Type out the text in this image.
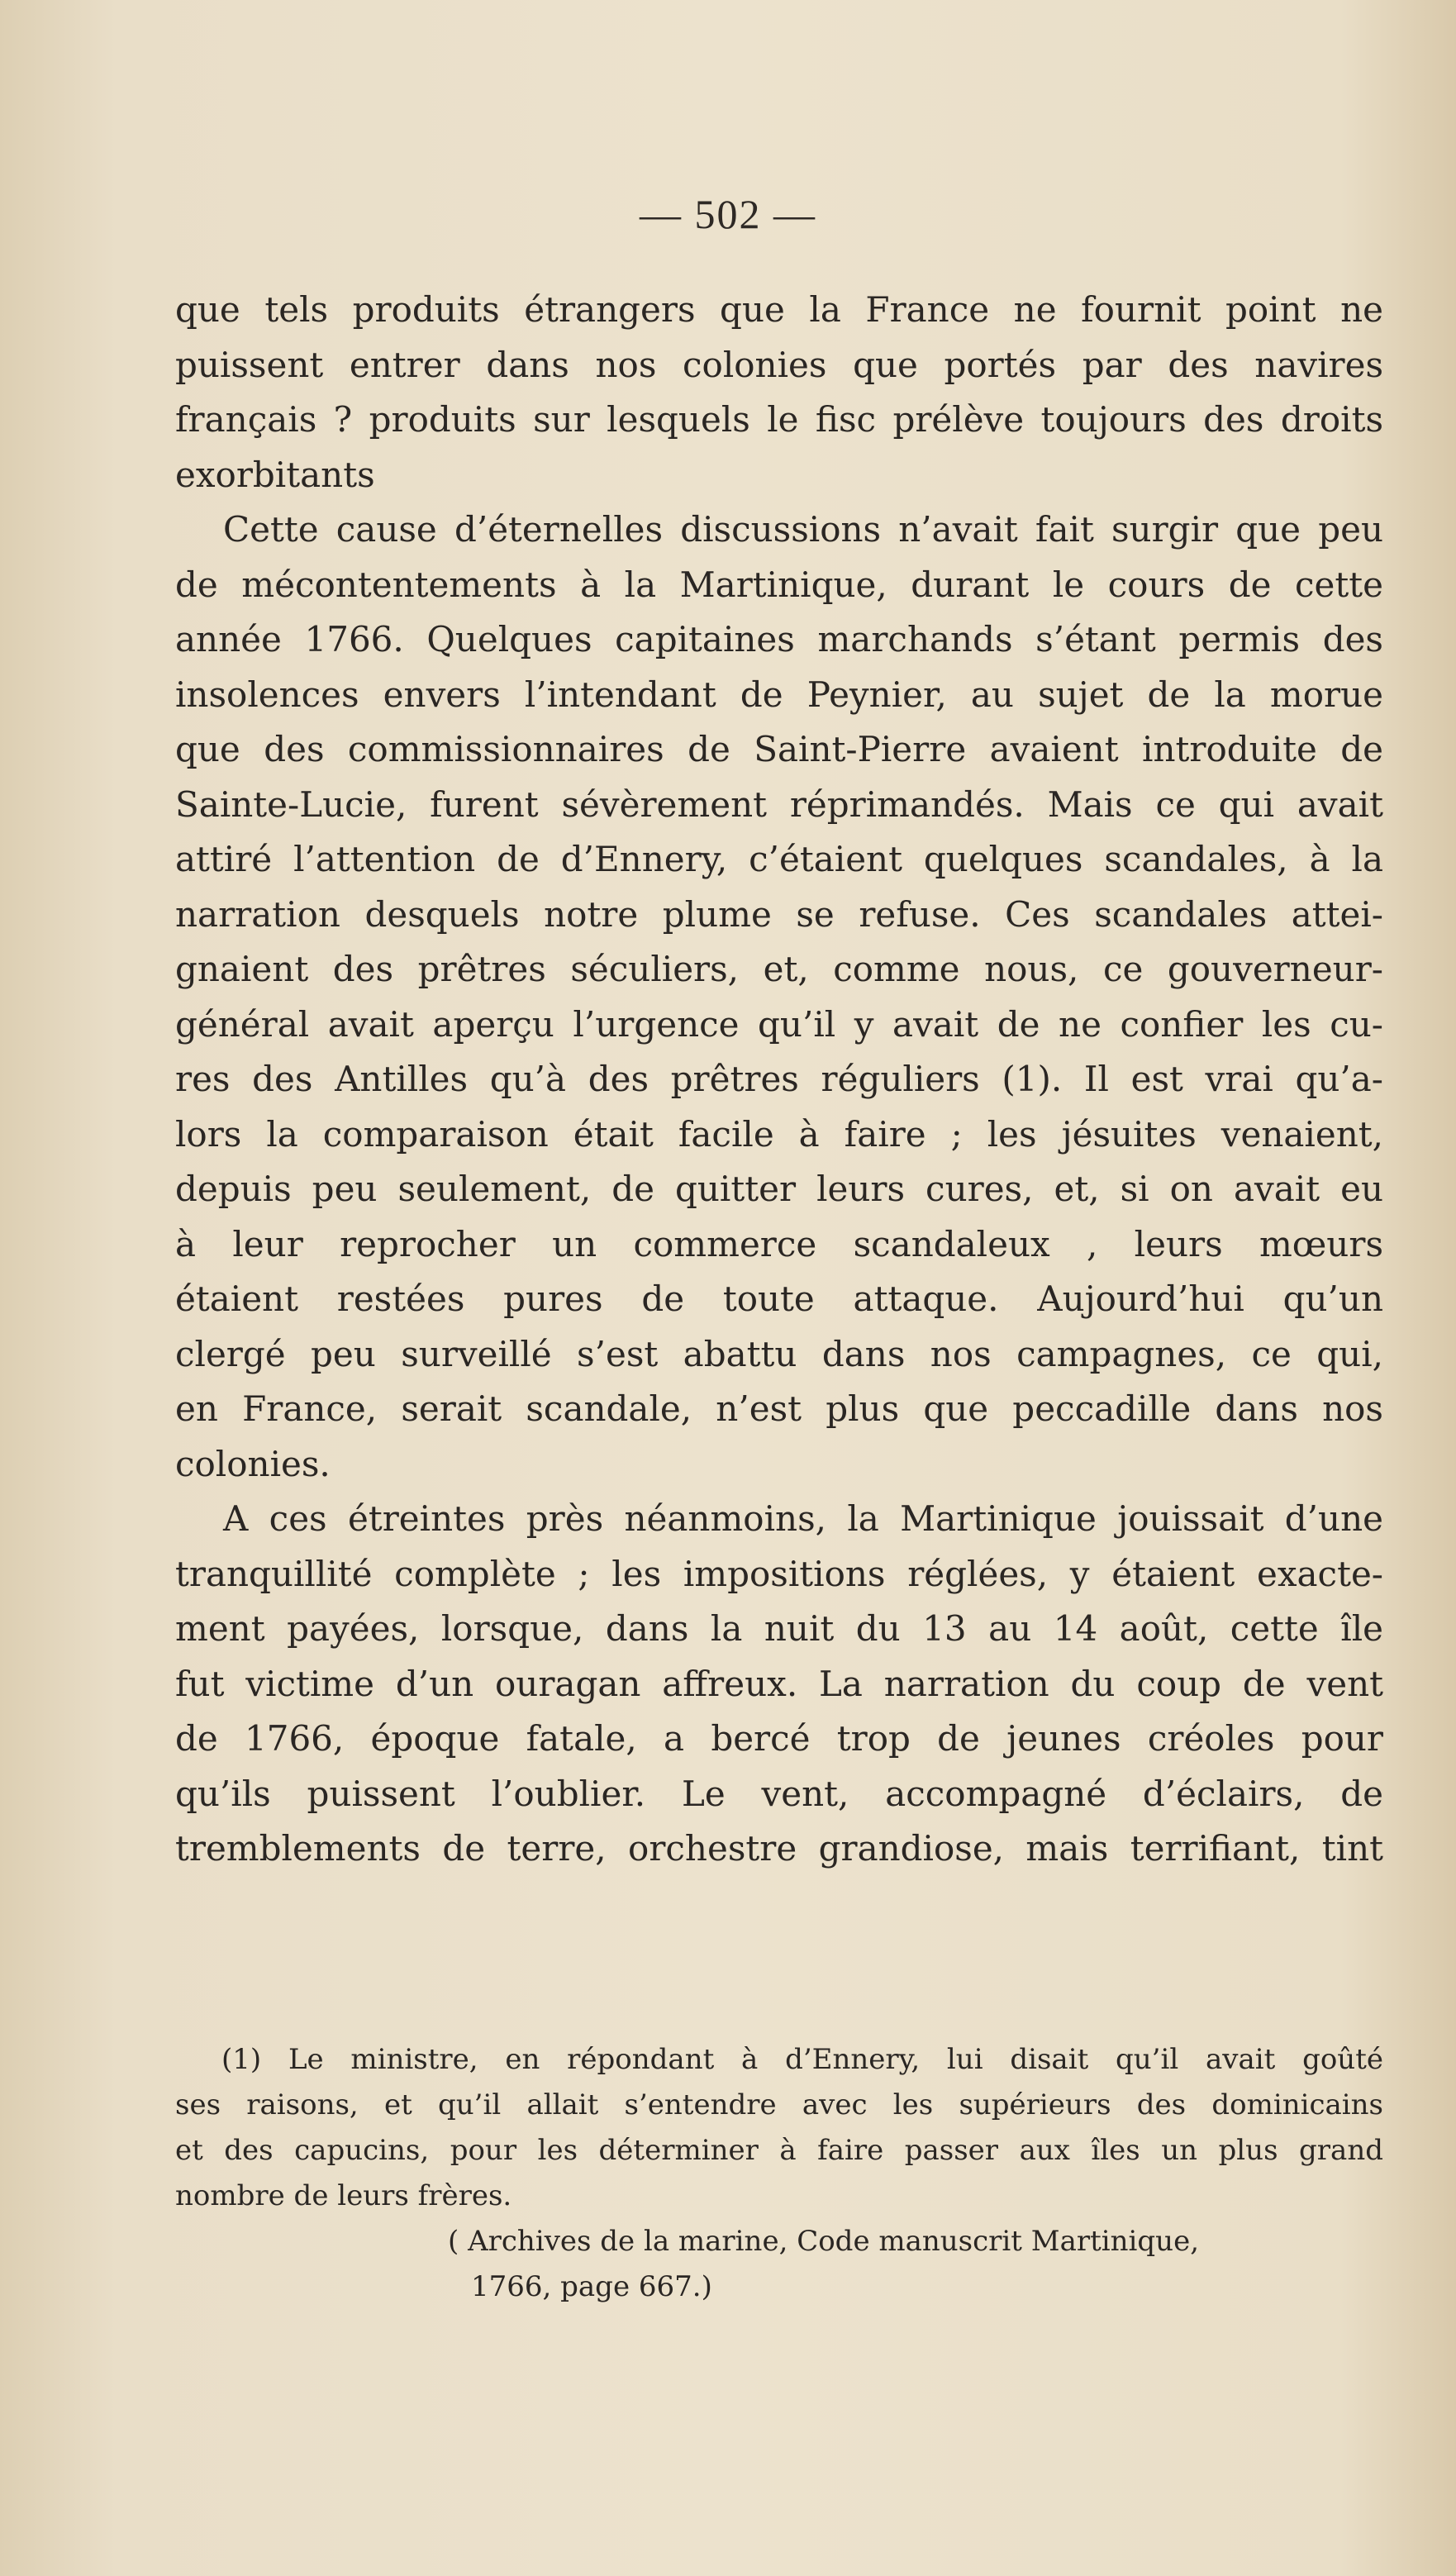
— 502 —
que tels produits étrangers que la France ne fournit point ne
puissent entrer dans nos colonies que portés par des navires
français ? produits sur lesquels le fisc prélève toujours des droits
exorbitants
Cette cause d’éternelles discussions n’avait fait surgir que peu
de mécontentements à la Martinique, durant le cours de cette
année 1766. Quelques capitaines marchands s’étant permis des
insolences envers l’intendant de Peynier, au sujet de la morue
que des commissionnaires de Saint-Pierre avaient introduite de
Sainte-Lucie, furent sévèrement réprimandés. Mais ce qui avait
attiré l’attention de d’Ennery, c’étaient quelques scandales, à la
narration desquels notre plume se refuse. Ces scandales attei-
gnaient des prêtres séculiers, et, comme nous, ce gouverneur-
général avait aperçu l’urgence qu’il y avait de ne confier les cu-
res des Antilles qu’à des prêtres réguliers (1). Il est vrai qu’a-
lors la comparaison était facile à faire ; les jésuites venaient,
depuis peu seulement, de quitter leurs cures, et, si on avait eu
à leur reprocher un commerce scandaleux , leurs mœurs
étaient restées pures de toute attaque. Aujourd’hui qu’un
clergé peu surveillé s’est abattu dans nos campagnes, ce qui,
en France, serait scandale, n’est plus que peccadille dans nos
colonies.
A ces étreintes près néanmoins, la Martinique jouissait d’une
tranquillité complète ; les impositions réglées, y étaient exacte-
ment payées, lorsque, dans la nuit du 13 au 14 août, cette île
fut victime d’un ouragan affreux. La narration du coup de vent
de 1766, époque fatale, a bercé trop de jeunes créoles pour
qu’ils puissent l’oublier. Le vent, accompagné d’éclairs, de
tremblements de terre, orchestre grandiose, mais terrifiant, tint
(1) Le ministre, en répondant à d’Ennery, lui disait qu’il avait goûté
ses raisons, et qu’il allait s’entendre avec les supérieurs des dominicains
et des capucins, pour les déterminer à faire passer aux îles un plus grand
nombre de leurs frères.
( Archives de la marine, Code manuscrit Martinique,
1766, page 667.)
